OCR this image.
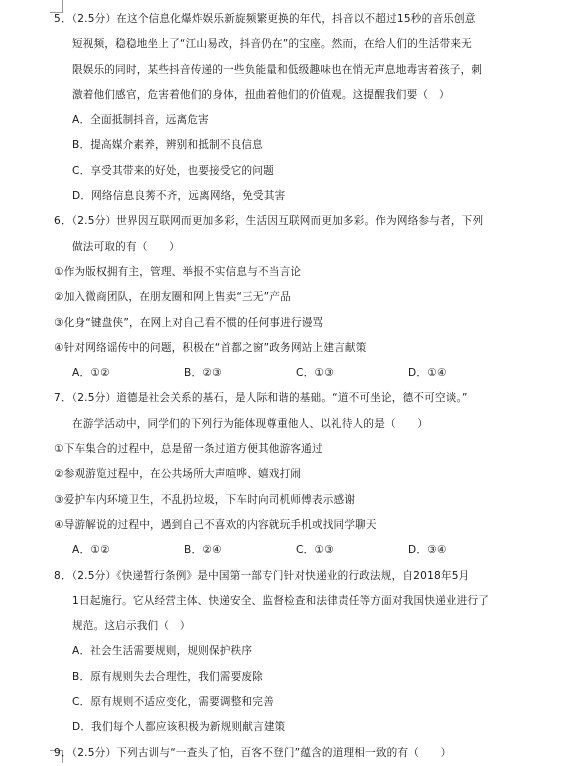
5．（2.5分）在这个信息化爆炸娱乐新旋频繁更换的年代，抖音以不超过15秒的音乐创意
短视频，稳稳地坐上了“江山易改，抖音仍在”的宝座。然而，在给人们的生活带来无
限娱乐的同时，某些抖音传递的一些负能量和低级趣味也在悄无声息地毒害着孩子，刺
激着他们感官，危害着他们的身体，扭曲着他们的价值观。这提醒我们要（　）
A．全面抵制抖音，远离危害
B．提高媒介素养，辨别和抵制不良信息
C．享受其带来的好处，也要接受它的问题
D．网络信息良莠不齐，远离网络，免受其害
6．（2.5分）世界因互联网而更加多彩，生活因互联网而更加多彩。作为网络参与者，下列
做法可取的有（　　）
①作为版权拥有主，管理、举报不实信息与不当言论
②加入微商团队，在朋友圈和网上售卖“三无”产品
③化身“键盘侠”，在网上对自己看不惯的任何事进行谩骂
④针对网络谣传中的问题，积极在“首都之窗”政务网站上建言献策
A．①②	B．②③	C．①③	D．①④
7．（2.5分）道德是社会关系的基石，是人际和谐的基础。“道不可坐论，德不可空谈。”
在游学活动中，同学们的下列行为能体现尊重他人、以礼待人的是（　　）
①下车集合的过程中，总是留一条过道方便其他游客通过
②参观游览过程中，在公共场所大声喧哗、嬉戏打闹
③爱护车内环境卫生，不乱扔垃圾，下车时向司机师傅表示感谢
④导游解说的过程中，遇到自己不喜欢的内容就玩手机或找同学聊天
A．①②	B．②④	C．①③	D．③④
8．（2.5分）《快递暂行条例》是中国第一部专门针对快递业的行政法规，自2018年5月
1日起施行。它从经营主体、快递安全、监督检查和法律责任等方面对我国快递业进行了
规范。这启示我们（　）
A．社会生活需要规则，规则保护秩序
B．原有规则失去合理性，我们需要废除
C．原有规则不适应变化，需要调整和完善
D．我们每个人都应该积极为新规则献言建策
9．（2.5分）下列古训与“一查头了怕，百客不登门”蕴含的道理相一致的有（　　）
